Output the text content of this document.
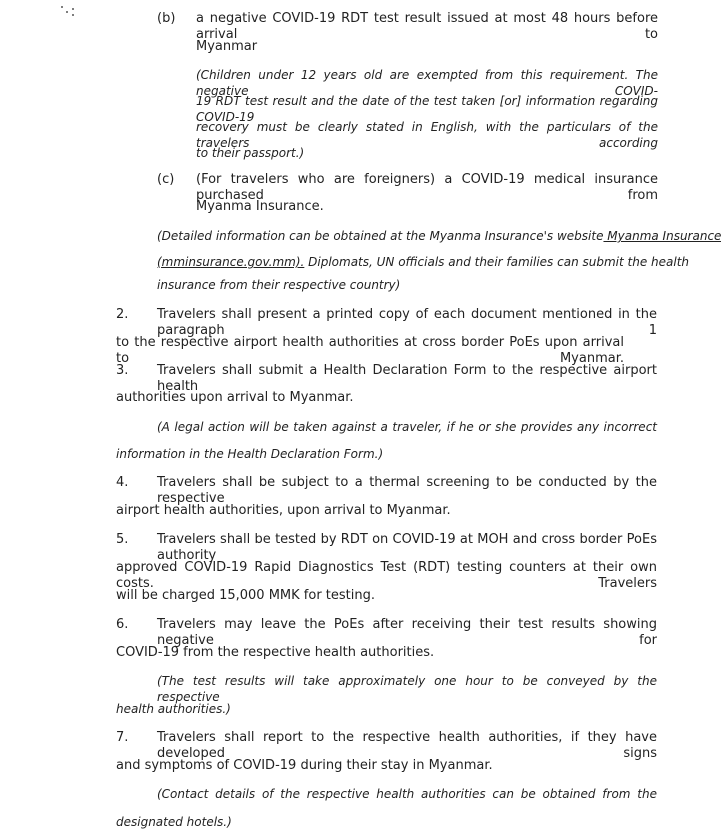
(b) a negative COVID-19 RDT test result issued at most 48 hours before arrival to
Myanmar
(Children under 12 years old are exempted from this requirement. The negative COVID-
19 RDT test result and the date of the test taken [or] information regarding COVID-19
recovery must be clearly stated in English, with the particulars of the travelers according
to their passport.)
(c) (For travelers who are foreigners) a COVID-19 medical insurance purchased from
Myanma Insurance.
(Detailed information can be obtained at the Myanma Insurance's website Myanma Insurance
(mminsurance.gov.mm). Diplomats, UN officials and their families can submit the health
insurance from their respective country)
2. Travelers shall present a printed copy of each document mentioned in the paragraph 1
to the respective airport health authorities at cross border PoEs upon arrival to Myanmar.
3. Travelers shall submit a Health Declaration Form to the respective airport health
authorities upon arrival to Myanmar.
(A legal action will be taken against a traveler, if he or she provides any incorrect
information in the Health Declaration Form.)
4. Travelers shall be subject to a thermal screening to be conducted by the respective
airport health authorities, upon arrival to Myanmar.
5. Travelers shall be tested by RDT on COVID-19 at MOH and cross border PoEs authority
approved COVID-19 Rapid Diagnostics Test (RDT) testing counters at their own costs. Travelers
will be charged 15,000 MMK for testing.
6. Travelers may leave the PoEs after receiving their test results showing negative for
COVID-19 from the respective health authorities.
(The test results will take approximately one hour to be conveyed by the respective
health authorities.)
7. Travelers shall report to the respective health authorities, if they have developed signs
and symptoms of COVID-19 during their stay in Myanmar.
(Contact details of the respective health authorities can be obtained from the
designated hotels.)
